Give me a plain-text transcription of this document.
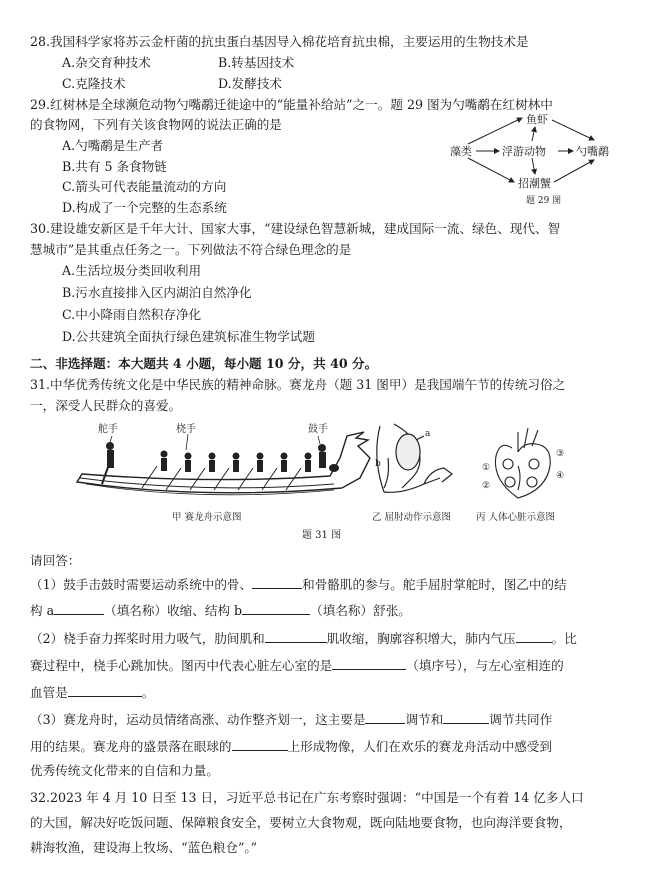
28.我国科学家将苏云金杆菌的抗虫蛋白基因导入棉花培育抗虫棉，主要运用的生物技术是
A.杂交育种技术	B.转基因技术
C.克隆技术	D.发酵技术
29.红树林是全球濒危动物勺嘴鹬迁徙途中的“能量补给站”之一。题 29 图为勺嘴鹬在红树林中
的食物网，下列有关该食物网的说法正确的是
A.勺嘴鹬是生产者
B.共有 5 条食物链
C.箭头可代表能量流动的方向
D.构成了一个完整的生态系统
鱼虾
藻类	浮游动物	勺嘴鹬
招潮蟹
题 29 图
30.建设雄安新区是千年大计、国家大事，“建设绿色智慧新城，建成国际一流、绿色、现代、智
慧城市”是其重点任务之一。下列做法不符合绿色理念的是
A.生活垃圾分类回收利用
B.污水直接排入区内湖泊自然净化
C.中小降雨自然积存净化
D.公共建筑全面执行绿色建筑标准生物学试题
二、非选择题：本大题共 4 小题，每小题 10 分，共 40 分。
31.中华优秀传统文化是中华民族的精神命脉。赛龙舟（题 31 图甲）是我国端午节的传统习俗之
一，深受人民群众的喜爱。
舵手	桡手	鼓手
甲 赛龙舟示意图
a
b
乙 屈肘动作示意图
①
②
③
④
丙 人体心脏示意图
题 31 图
请回答：
（1）鼓手击鼓时需要运动系统中的骨、	和骨骼肌的参与。舵手屈肘掌舵时，图乙中的结
构 a	（填名称）收缩、结构 b	（填名称）舒张。
（2）桡手奋力挥桨时用力吸气，肋间肌和	肌收缩，胸廓容积增大，肺内气压	。比
赛过程中，桡手心跳加快。图丙中代表心脏左心室的是	（填序号），与左心室相连的
血管是	。
（3）赛龙舟时，运动员情绪高涨、动作整齐划一，这主要是	调节和	调节共同作
用的结果。赛龙舟的盛景落在眼球的	上形成物像，人们在欢乐的赛龙舟活动中感受到
优秀传统文化带来的自信和力量。
32.2023 年 4 月 10 日至 13 日，习近平总书记在广东考察时强调：“中国是一个有着 14 亿多人口
的大国，解决好吃饭问题、保障粮食安全，要树立大食物观，既向陆地要食物，也向海洋要食物，
耕海牧渔，建设海上牧场、“蓝色粮仓”。”
